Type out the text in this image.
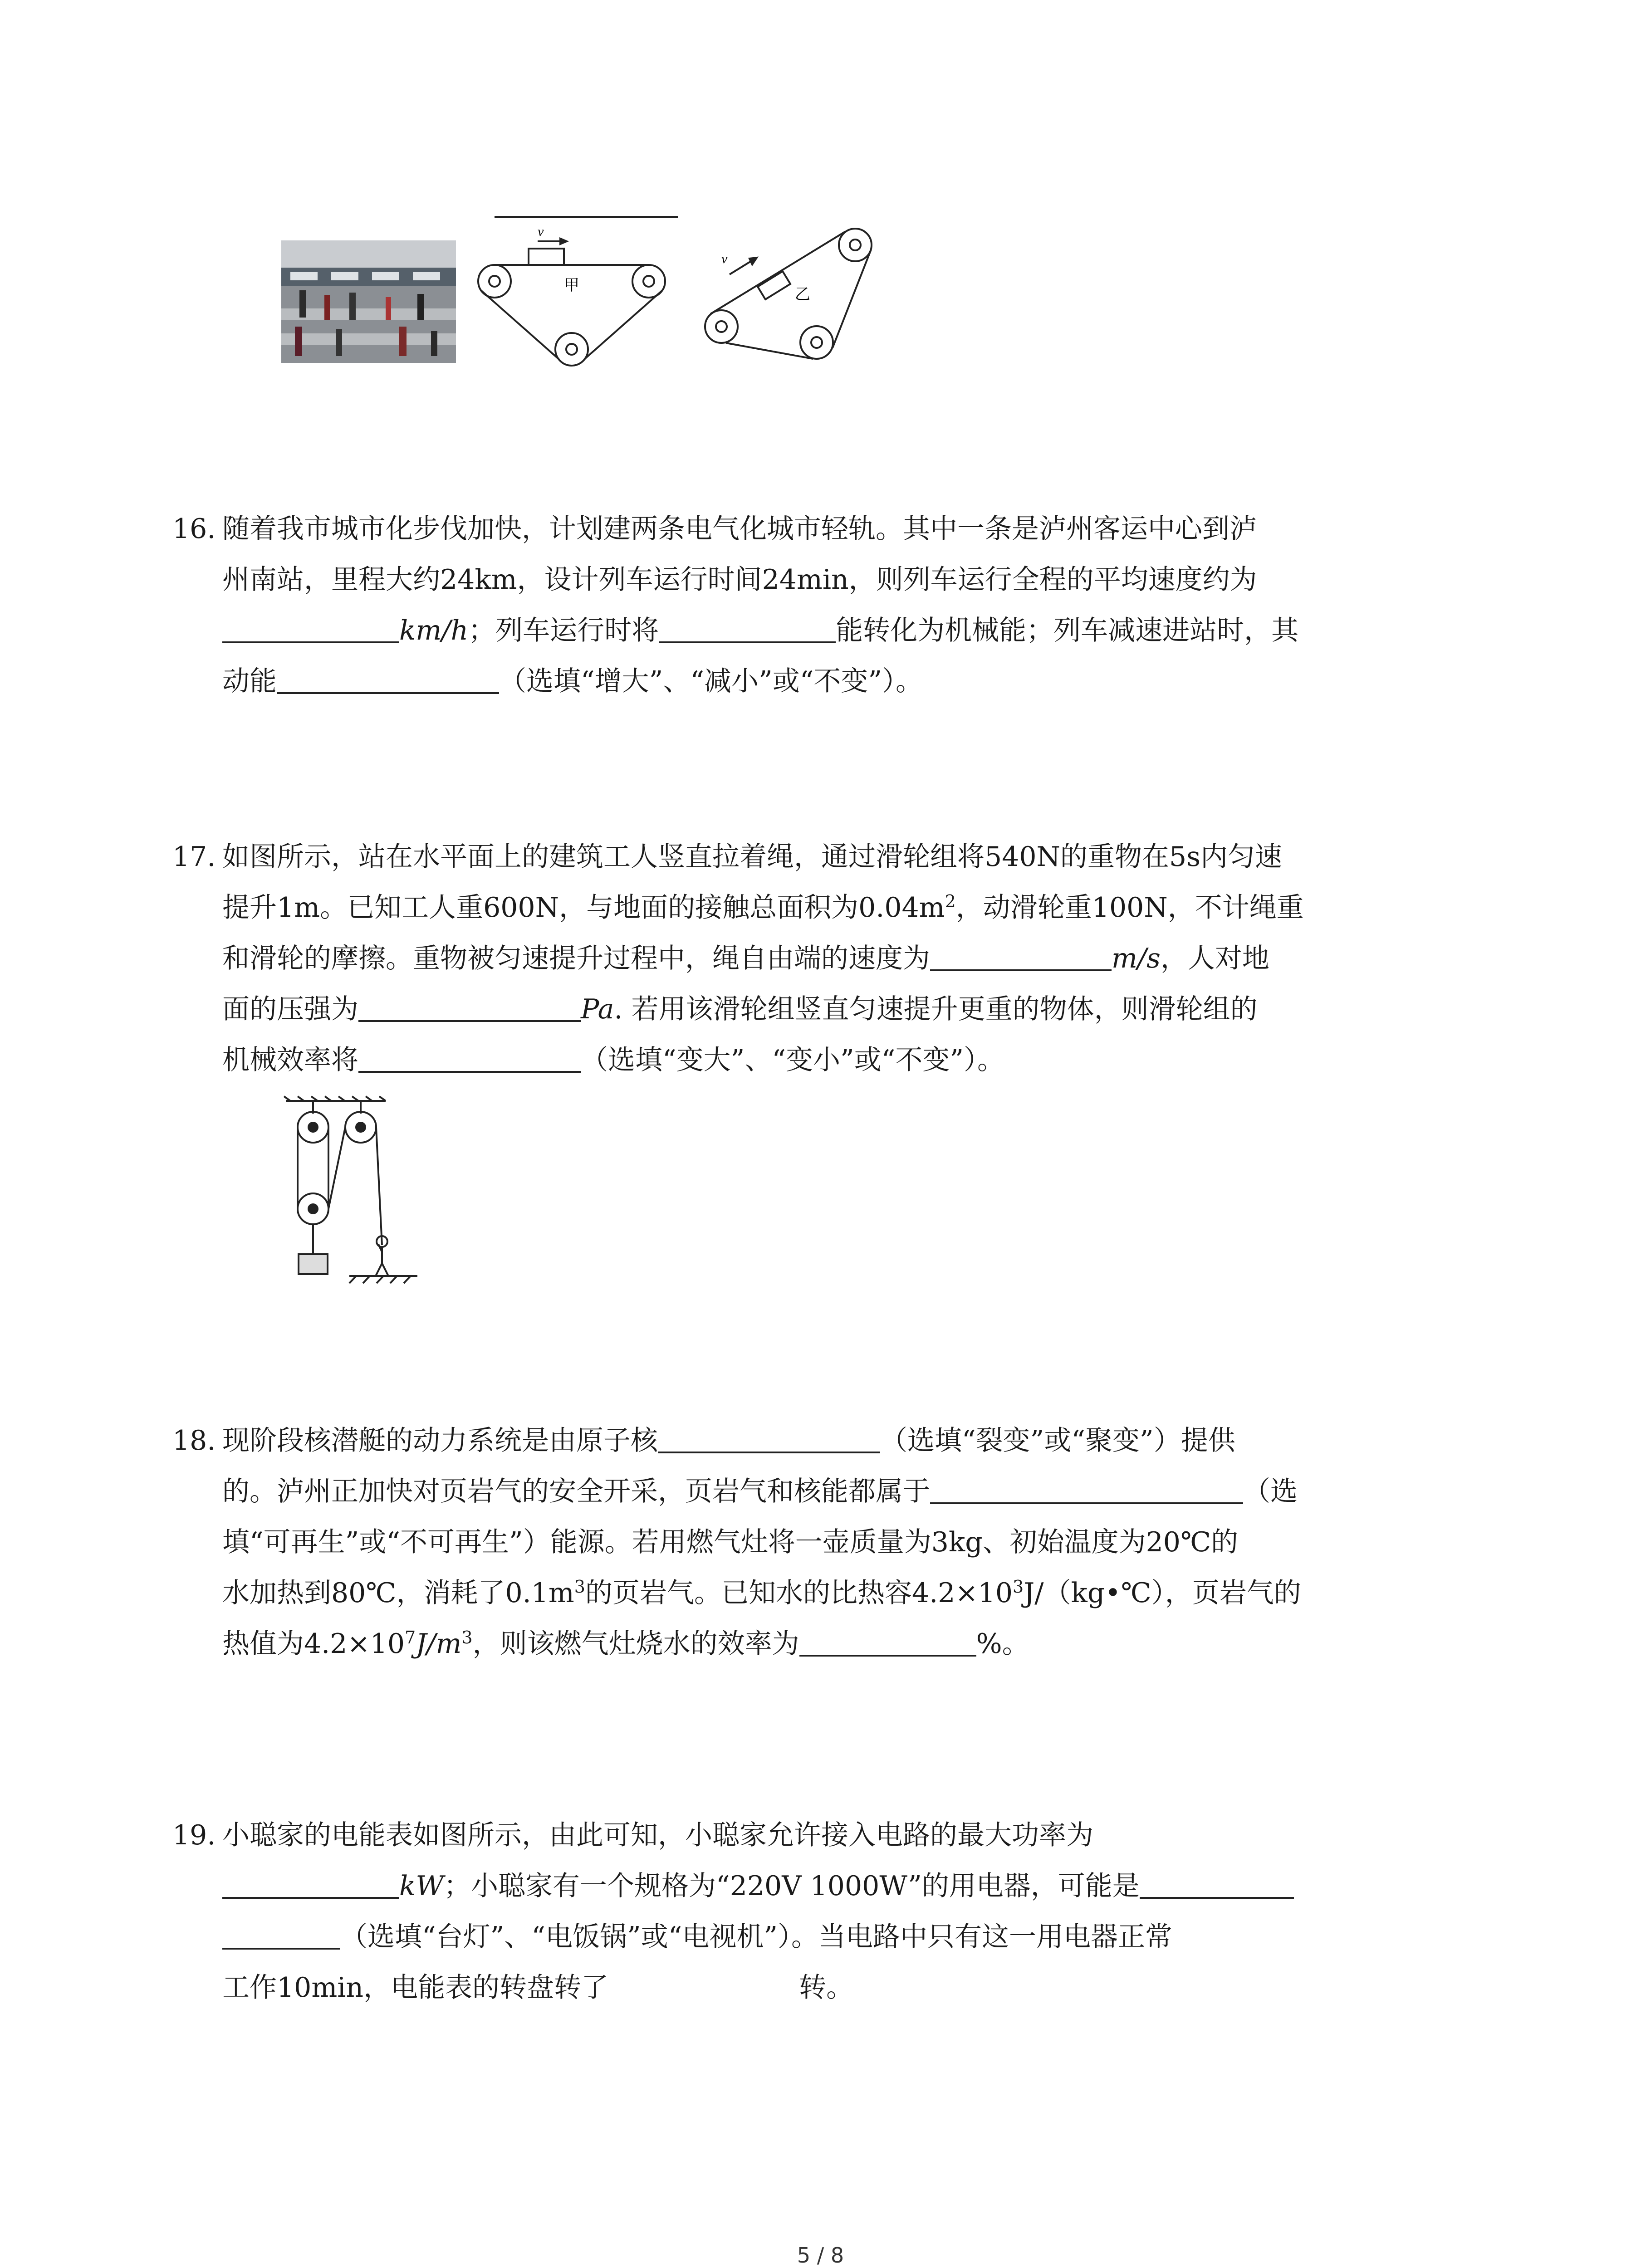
v
甲
v
乙
16. 随着我市城市化步伐加快，计划建两条电气化城市轻轨。其中一条是泸州客运中心到泸
州南站，里程大约24km，设计列车运行时间24min，则列车运行全程的平均速度约为
km/h；列车运行时将	能转化为机械能；列车减速进站时，其
动能	（选填“增大”、“减小”或“不变”）。
17. 如图所示，站在水平面上的建筑工人竖直拉着绳，通过滑轮组将540N的重物在5s内匀速
提升1m。已知工人重600N，与地面的接触总面积为$0.04m^2$，动滑轮重100N，不计绳重
和滑轮的摩擦。重物被匀速提升过程中，绳自由端的速度为	m/s，人对地
面的压强为	Pa. 若用该滑轮组竖直匀速提升更重的物体，则滑轮组的
机械效率将	（选填“变大”、“变小”或“不变”）。
18. 现阶段核潜艇的动力系统是由原子核	（选填“裂变”或“聚变”）提供
的。泸州正加快对页岩气的安全开采，页岩气和核能都属于	（选
填“可再生”或“不可再生”）能源。若用燃气灶将一壶质量为3kg、初始温度为20℃的
水加热到80℃，消耗了$0.1m^3$的页岩气。已知水的比热容$4.2\times 10^3J/(kg•℃)$，页岩气的
热值为$4.2\times 10^7J/m^3$，则该燃气灶烧水的效率为	%。
19. 小聪家的电能表如图所示，由此可知，小聪家允许接入电路的最大功率为
kW；小聪家有一个规格为“220V 1000W”的用电器，可能是
（选填“台灯”、“电饭锅”或“电视机”）。当电路中只有这一用电器正常
工作10min，电能表的转盘转了	转。
5 / 8
